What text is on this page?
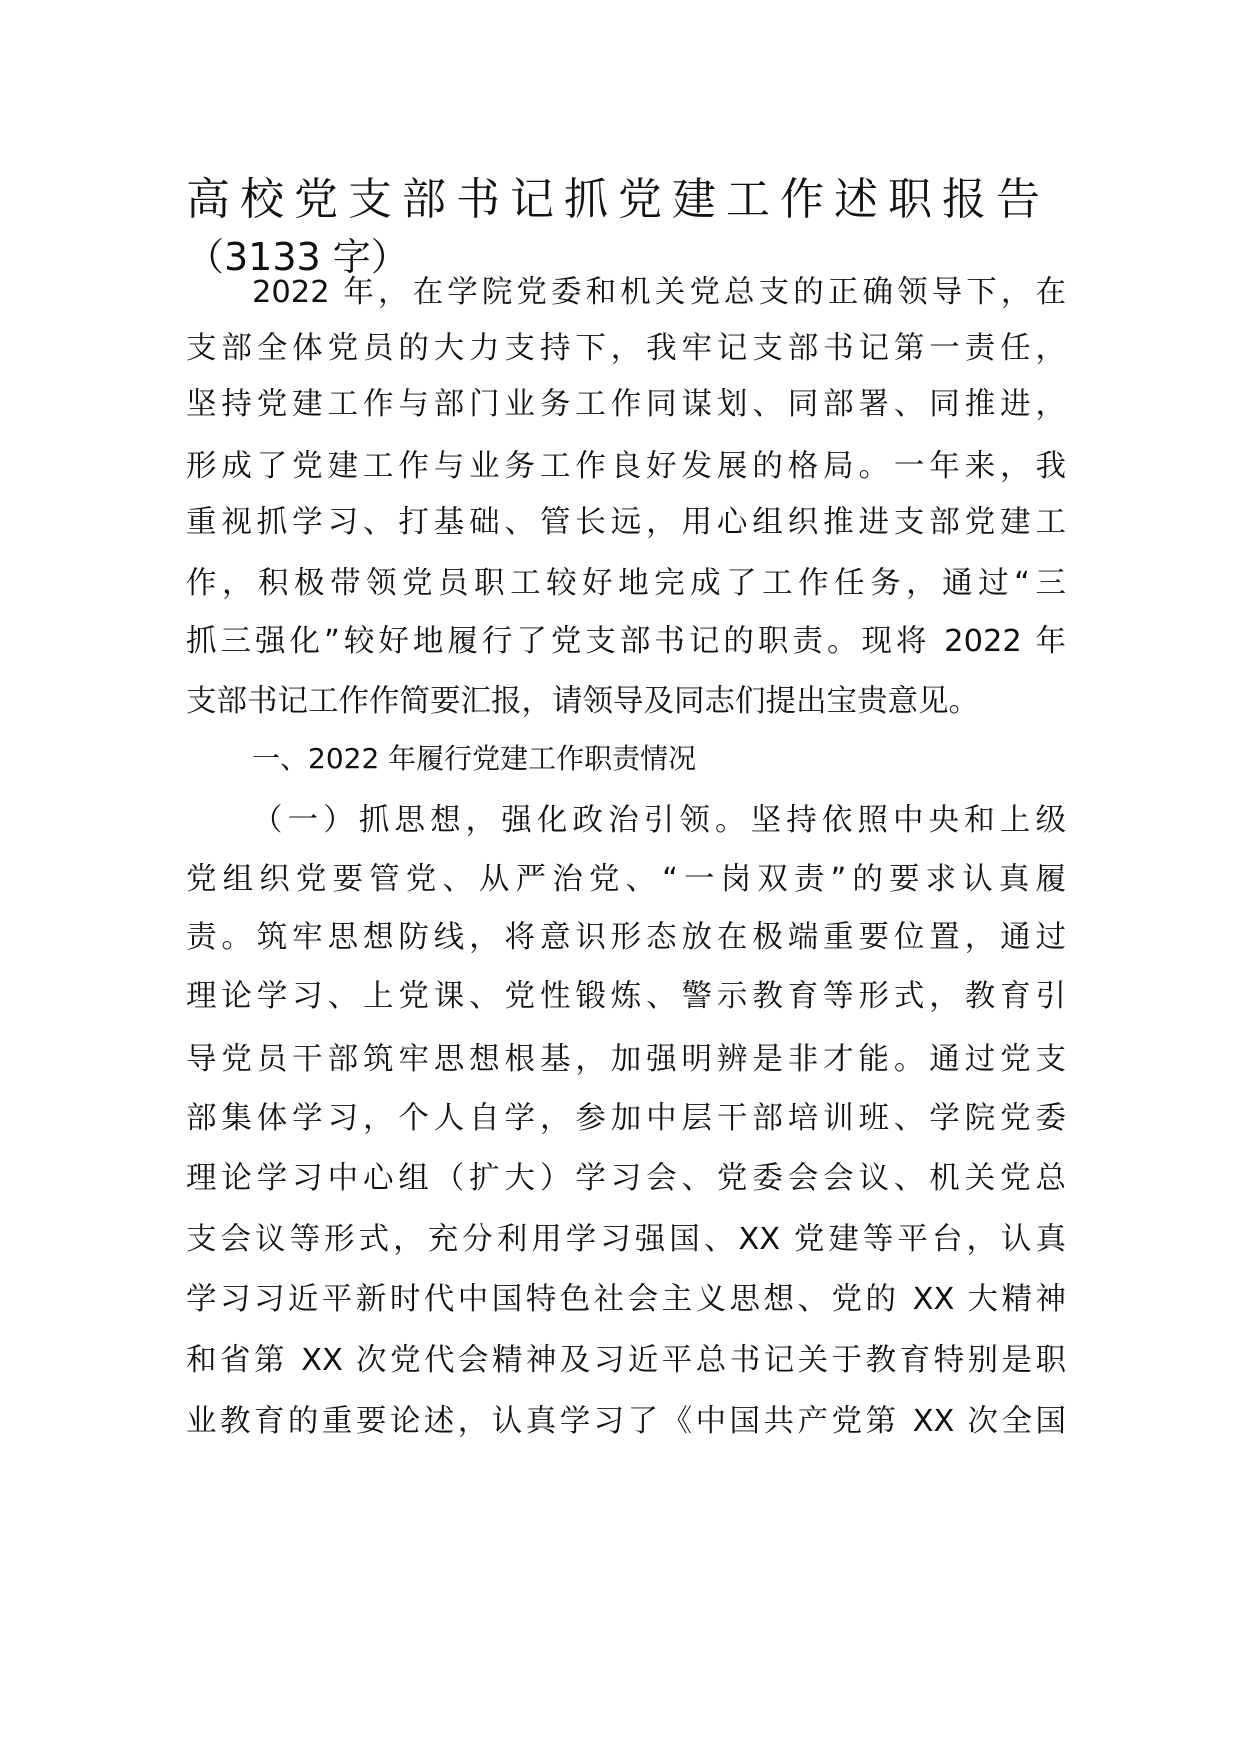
高校党支部书记抓党建工作述职报告
（3133 字）
2022 年，在学院党委和机关党总支的正确领导下，在
支部全体党员的大力支持下，我牢记支部书记第一责任，
坚持党建工作与部门业务工作同谋划、同部署、同推进，
形成了党建工作与业务工作良好发展的格局。一年来，我
重视抓学习、打基础、管长远，用心组织推进支部党建工
作，积极带领党员职工较好地完成了工作任务，通过“三
抓三强化”较好地履行了党支部书记的职责。现将 2022 年
支部书记工作作简要汇报，请领导及同志们提出宝贵意见。
一、2022 年履行党建工作职责情况
（一）抓思想，强化政治引领。坚持依照中央和上级
党组织党要管党、从严治党、“一岗双责”的要求认真履
责。筑牢思想防线，将意识形态放在极端重要位置，通过
理论学习、上党课、党性锻炼、警示教育等形式，教育引
导党员干部筑牢思想根基，加强明辨是非才能。通过党支
部集体学习，个人自学，参加中层干部培训班、学院党委
理论学习中心组（扩大）学习会、党委会会议、机关党总
支会议等形式，充分利用学习强国、XX 党建等平台，认真
学习习近平新时代中国特色社会主义思想、党的 XX 大精神
和省第 XX 次党代会精神及习近平总书记关于教育特别是职
业教育的重要论述，认真学习了《中国共产党第 XX 次全国
